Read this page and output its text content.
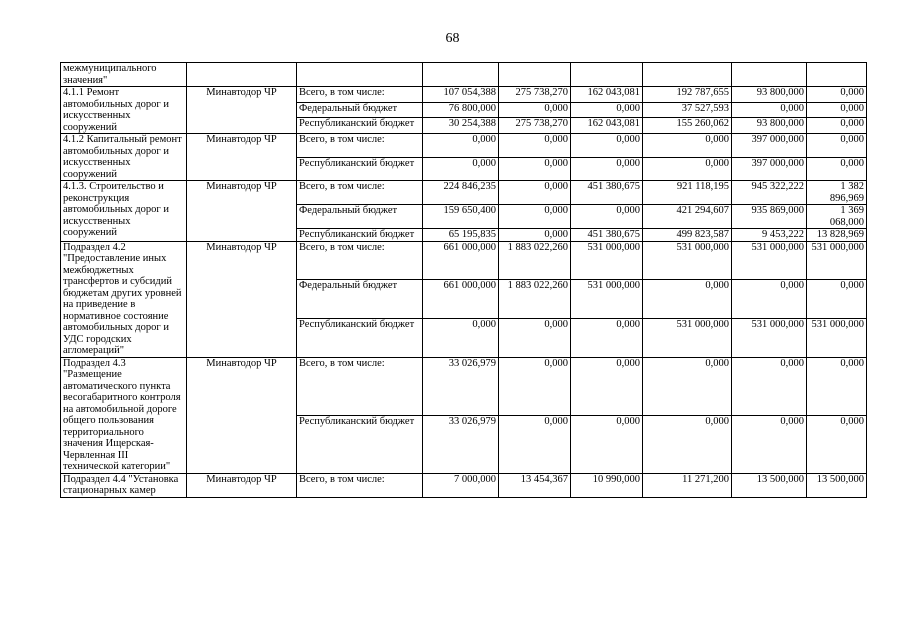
68
межмуниципального значения"								
4.1.1 Ремонт автомобильных дорог и искусственных сооружений	Минавтодор ЧР	Всего, в том числе:	107 054,388	275 738,270	162 043,081	192 787,655	93 800,000	0,000
		Федеральный бюджет	76 800,000	0,000	0,000	37 527,593	0,000	0,000
		Республиканский бюджет	30 254,388	275 738,270	162 043,081	155 260,062	93 800,000	0,000
4.1.2 Капитальный ремонт автомобильных дорог и искусственных сооружений	Минавтодор ЧР	Всего, в том числе:	0,000	0,000	0,000	0,000	397 000,000	0,000
		Республиканский бюджет	0,000	0,000	0,000	0,000	397 000,000	0,000
4.1.3. Строительство и реконструкция автомобильных дорог и искусственных сооружений	Минавтодор ЧР	Всего, в том числе:	224 846,235	0,000	451 380,675	921 118,195	945 322,222	1 382 896,969
		Федеральный бюджет	159 650,400	0,000	0,000	421 294,607	935 869,000	1 369 068,000
		Республиканский бюджет	65 195,835	0,000	451 380,675	499 823,587	9 453,222	13 828,969
Подраздел 4.2 "Предоставление иных межбюджетных трансфертов и субсидий бюджетам других уровней на приведение в нормативное состояние автомобильных дорог и УДС городских агломераций"	Минавтодор ЧР	Всего, в том числе:	661 000,000	1 883 022,260	531 000,000	531 000,000	531 000,000	531 000,000
		Федеральный бюджет	661 000,000	1 883 022,260	531 000,000	0,000	0,000	0,000
		Республиканский бюджет	0,000	0,000	0,000	531 000,000	531 000,000	531 000,000
Подраздел 4.3 "Размещение автоматического пункта весогабаритного контроля на автомобильной дороге общего пользования территориального значения Ищерская-Червленная III технической категории"	Минавтодор ЧР	Всего, в том числе:	33 026,979	0,000	0,000	0,000	0,000	0,000
		Республиканский бюджет	33 026,979	0,000	0,000	0,000	0,000	0,000
Подраздел 4.4 "Установка стационарных камер	Минавтодор ЧР	Всего, в том числе:	7 000,000	13 454,367	10 990,000	11 271,200	13 500,000	13 500,000
